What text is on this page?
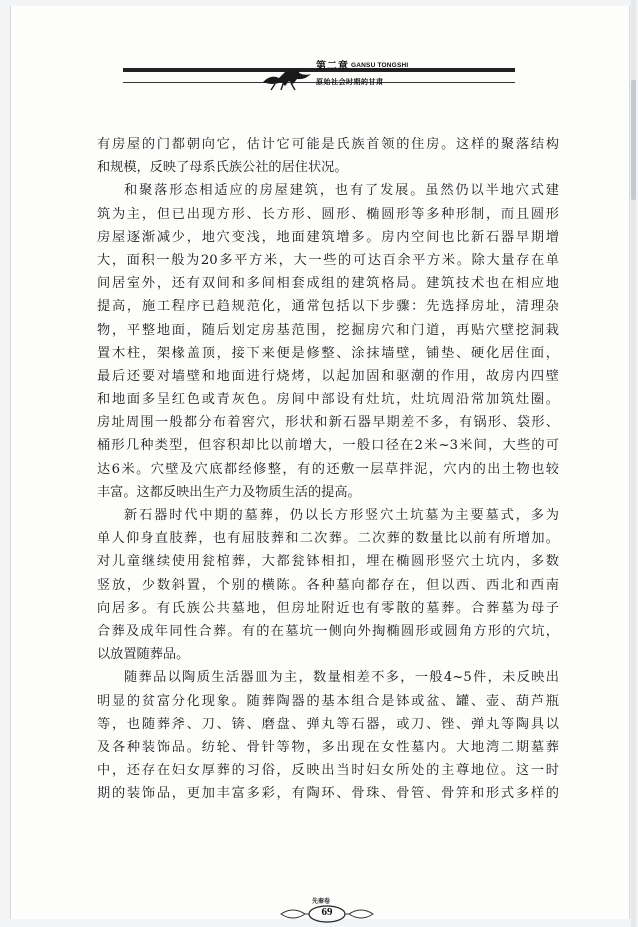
第二章 GANSU TONGSHI
原始社会时期的甘肃

有房屋的门都朝向它，估计它可能是氏族首领的住房。这样的聚落结构
和规模，反映了母系氏族公社的居住状况。

和聚落形态相适应的房屋建筑，也有了发展。虽然仍以半地穴式建
筑为主，但已出现方形、长方形、圆形、椭圆形等多种形制，而且圆形
房屋逐渐减少，地穴变浅，地面建筑增多。房内空间也比新石器早期增
大，面积一般为20多平方米，大一些的可达百余平方米。除大量存在单
间居室外，还有双间和多间相套成组的建筑格局。建筑技术也在相应地
提高，施工程序已趋规范化，通常包括以下步骤：先选择房址，清理杂
物，平整地面，随后划定房基范围，挖掘房穴和门道，再贴穴壁挖洞栽
置木柱，架椽盖顶，接下来便是修整、涂抹墙壁，铺垫、硬化居住面，
最后还要对墙壁和地面进行烧烤，以起加固和驱潮的作用，故房内四壁
和地面多呈红色或青灰色。房间中部设有灶坑，灶坑周沿常加筑灶圈。
房址周围一般都分布着窖穴，形状和新石器早期差不多，有锅形、袋形、
桶形几种类型，但容积却比以前增大，一般口径在2米~3米间，大些的可
达6米。穴壁及穴底都经修整，有的还敷一层草拌泥，穴内的出土物也较
丰富。这都反映出生产力及物质生活的提高。

新石器时代中期的墓葬，仍以长方形竖穴土坑墓为主要墓式，多为
单人仰身直肢葬，也有屈肢葬和二次葬。二次葬的数量比以前有所增加。
对儿童继续使用瓮棺葬，大都瓮钵相扣，埋在椭圆形竖穴土坑内，多数
竖放，少数斜置，个别的横陈。各种墓向都存在，但以西、西北和西南
向居多。有氏族公共墓地，但房址附近也有零散的墓葬。合葬墓为母子
合葬及成年同性合葬。有的在墓坑一侧向外掏椭圆形或圆角方形的穴坑，
以放置随葬品。

随葬品以陶质生活器皿为主，数量相差不多，一般4~5件，未反映出
明显的贫富分化现象。随葬陶器的基本组合是钵或盆、罐、壶、葫芦瓶
等，也随葬斧、刀、锛、磨盘、弹丸等石器，或刀、锉、弹丸等陶具以
及各种装饰品。纺轮、骨针等物，多出现在女性墓内。大地湾二期墓葬
中，还存在妇女厚葬的习俗，反映出当时妇女所处的主尊地位。这一时
期的装饰品，更加丰富多彩，有陶环、骨珠、骨管、骨笄和形式多样的

先秦卷
69
